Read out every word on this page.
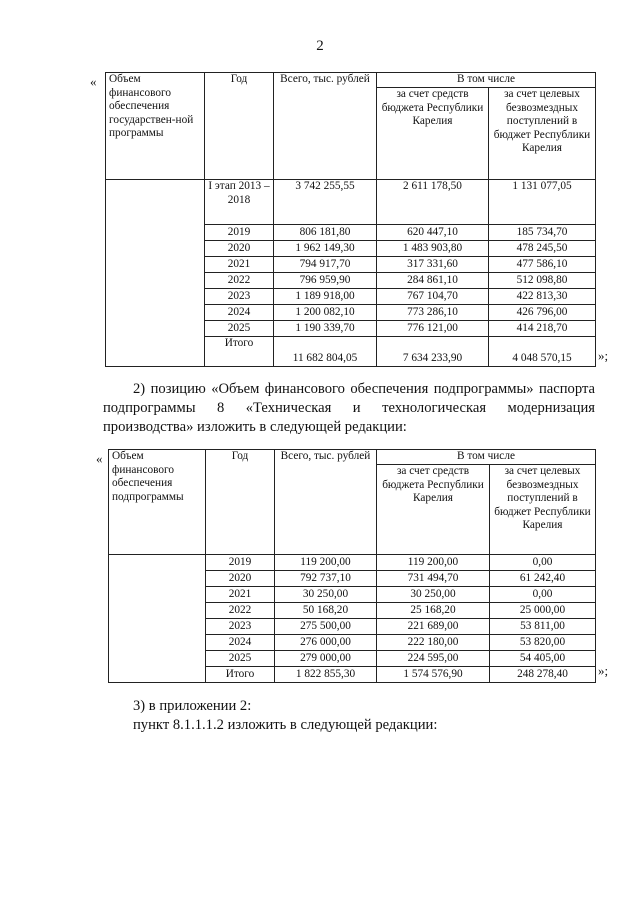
2
« Объем финансового обеспечения государствен-ной программы	Год	Всего, тыс. рублей	В том числе	
			за счет средств бюджета Республики Карелия	за счет целевых безвозмездных поступлений в бюджет Республики Карелия
	I этап 2013 – 2018	3 742 255,55	2 611 178,50	1 131 077,05
	2019	806 181,80	620 447,10	185 734,70
	2020	1 962 149,30	1 483 903,80	478 245,50
	2021	794 917,70	317 331,60	477 586,10
	2022	796 959,90	284 861,10	512 098,80
	2023	1 189 918,00	767 104,70	422 813,30
	2024	1 200 082,10	773 286,10	426 796,00
	2025	1 190 339,70	776 121,00	414 218,70
	Итого	11 682 804,05	7 634 233,90	4 048 570,15 »;
2) позицию «Объем финансового обеспечения подпрограммы» паспорта подпрограммы 8 «Техническая и технологическая модернизация производства» изложить в следующей редакции:
« Объем финансового обеспечения подпрограммы	Год	Всего, тыс. рублей	В том числе	
			за счет средств бюджета Республики Карелия	за счет целевых безвозмездных поступлений в бюджет Республики Карелия
	2019	119 200,00	119 200,00	0,00
	2020	792 737,10	731 494,70	61 242,40
	2021	30 250,00	30 250,00	0,00
	2022	50 168,20	25 168,20	25 000,00
	2023	275 500,00	221 689,00	53 811,00
	2024	276 000,00	222 180,00	53 820,00
	2025	279 000,00	224 595,00	54 405,00
	Итого	1 822 855,30	1 574 576,90	248 278,40 »;
3) в приложении 2:
пункт 8.1.1.1.2 изложить в следующей редакции:
